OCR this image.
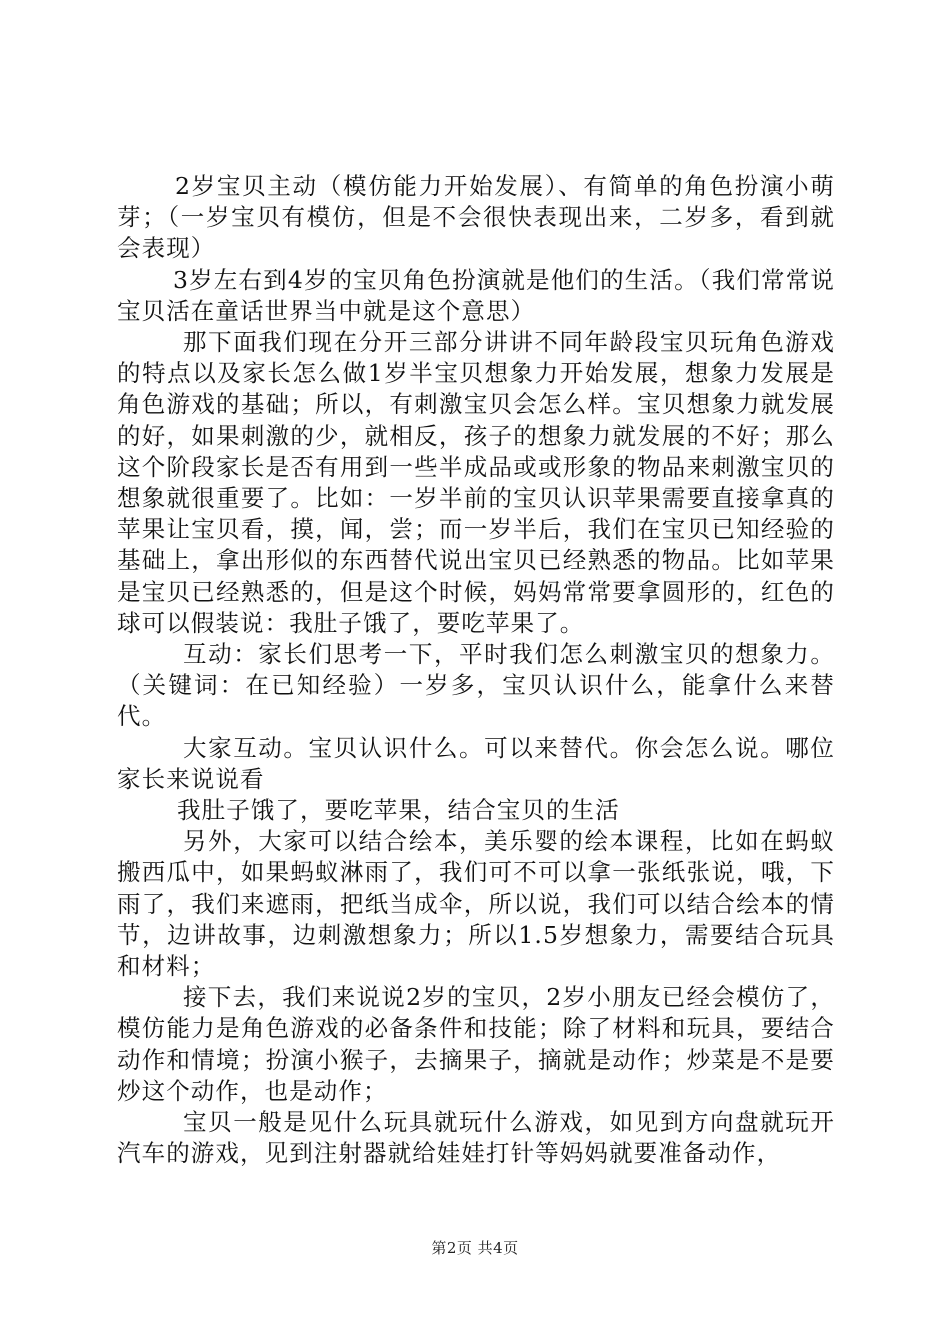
2岁宝贝主动（模仿能力开始发展）、有简单的角色扮演小萌芽；（一岁宝贝有模仿，但是不会很快表现出来，二岁多，看到就会表现）

3岁左右到4岁的宝贝角色扮演就是他们的生活。（我们常常说宝贝活在童话世界当中就是这个意思）

那下面我们现在分开三部分讲讲不同年龄段宝贝玩角色游戏的特点以及家长怎么做1岁半宝贝想象力开始发展，想象力发展是角色游戏的基础；所以，有刺激宝贝会怎么样。宝贝想象力就发展的好，如果刺激的少，就相反，孩子的想象力就发展的不好；那么这个阶段家长是否有用到一些半成品或或形象的物品来刺激宝贝的想象就很重要了。比如：一岁半前的宝贝认识苹果需要直接拿真的苹果让宝贝看，摸，闻，尝；而一岁半后，我们在宝贝已知经验的基础上，拿出形似的东西替代说出宝贝已经熟悉的物品。比如苹果是宝贝已经熟悉的，但是这个时候，妈妈常常要拿圆形的，红色的球可以假装说：我肚子饿了，要吃苹果了。

互动：家长们思考一下，平时我们怎么刺激宝贝的想象力。（关键词：在已知经验）一岁多，宝贝认识什么，能拿什么来替代。

大家互动。宝贝认识什么。可以来替代。你会怎么说。哪位家长来说说看

我肚子饿了，要吃苹果，结合宝贝的生活

另外，大家可以结合绘本，美乐婴的绘本课程，比如在蚂蚁搬西瓜中，如果蚂蚁淋雨了，我们可不可以拿一张纸张说，哦，下雨了，我们来遮雨，把纸当成伞，所以说，我们可以结合绘本的情节，边讲故事，边刺激想象力；所以1.5岁想象力，需要结合玩具和材料；

接下去，我们来说说2岁的宝贝，2岁小朋友已经会模仿了，模仿能力是角色游戏的必备条件和技能；除了材料和玩具，要结合动作和情境；扮演小猴子，去摘果子，摘就是动作；炒菜是不是要炒这个动作，也是动作；

宝贝一般是见什么玩具就玩什么游戏，如见到方向盘就玩开汽车的游戏，见到注射器就给娃娃打针等妈妈就要准备动作，

第2页 共4页
